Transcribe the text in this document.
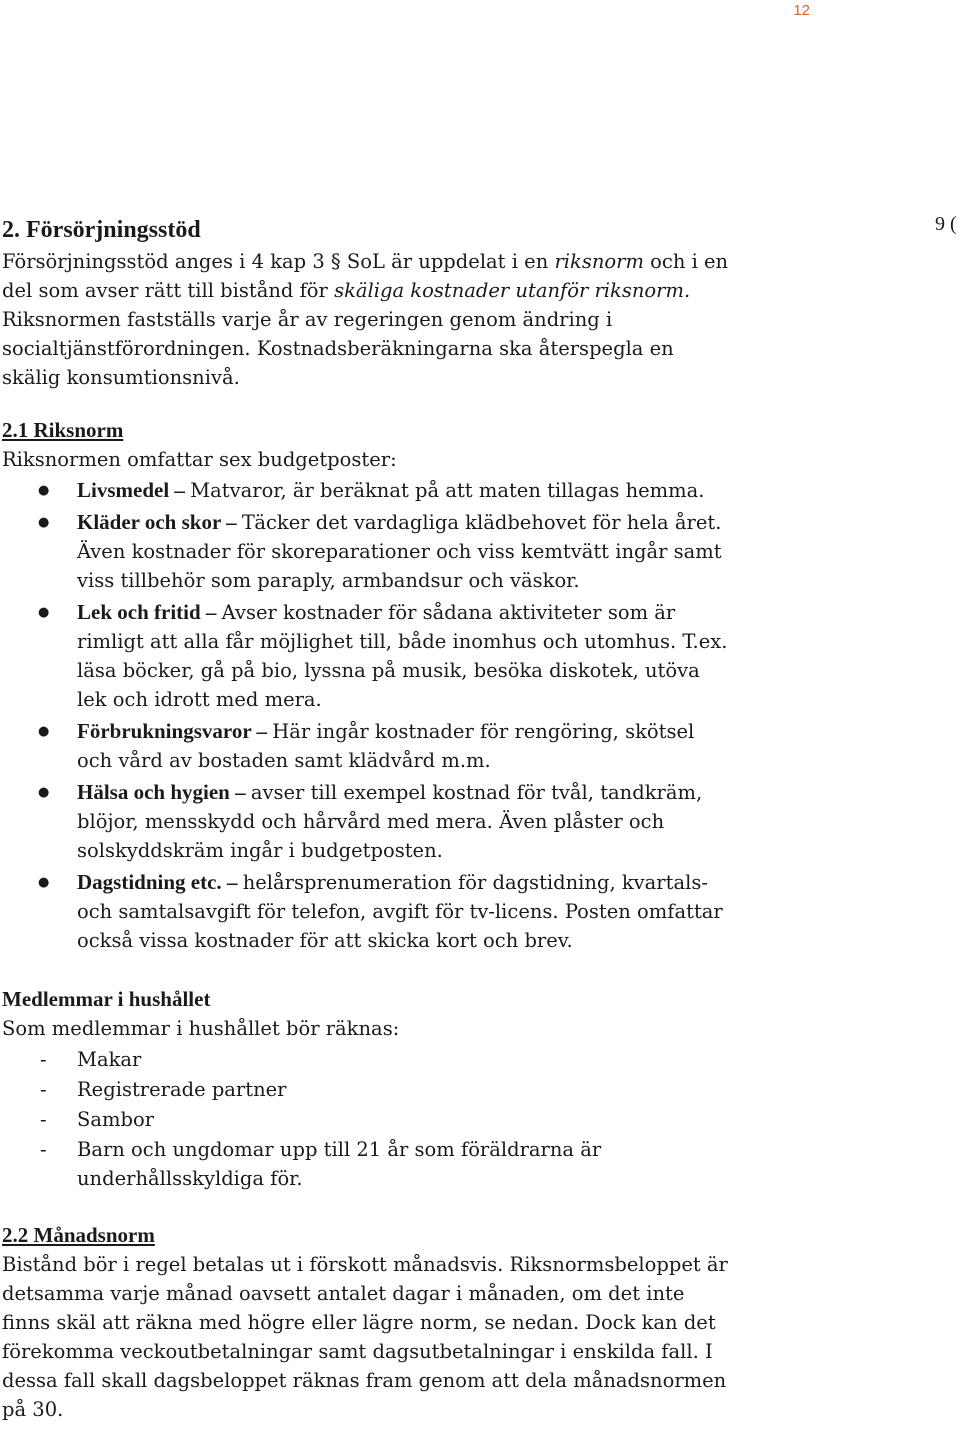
12
9 (
2. Försörjningsstöd

Försörjningsstöd anges i 4 kap 3 § SoL är uppdelat i en riksnorm och i en del som avser rätt till bistånd för skäliga kostnader utanför riksnorm. Riksnormen fastställs varje år av regeringen genom ändring i socialtjänstförordningen. Kostnadsberäkningarna ska återspegla en skälig konsumtionsnivå.

2.1 Riksnorm

Riksnormen omfattar sex budgetposter:

● Livsmedel – Matvaror, är beräknat på att maten tillagas hemma.
● Kläder och skor – Täcker det vardagliga klädbehovet för hela året. Även kostnader för skoreparationer och viss kemtvätt ingår samt viss tillbehör som paraply, armbandsur och väskor.
● Lek och fritid – Avser kostnader för sådana aktiviteter som är rimligt att alla får möjlighet till, både inomhus och utomhus. T.ex. läsa böcker, gå på bio, lyssna på musik, besöka diskotek, utöva lek och idrott med mera.
● Förbrukningsvaror – Här ingår kostnader för rengöring, skötsel och vård av bostaden samt klädvård m.m.
● Hälsa och hygien – avser till exempel kostnad för tvål, tandkräm, blöjor, mensskydd och hårvård med mera. Även plåster och solskyddskräm ingår i budgetposten.
● Dagstidning etc. – helårsprenumeration för dagstidning, kvartals- och samtalsavgift för telefon, avgift för tv-licens. Posten omfattar också vissa kostnader för att skicka kort och brev.
Medlemmar i hushållet

Som medlemmar i hushållet bör räknas:

- Makar
- Registrerade partner
- Sambor
- Barn och ungdomar upp till 21 år som föräldrarna är underhållsskyldiga för.
2.2 Månadsnorm

Bistånd bör i regel betalas ut i förskott månadsvis. Riksnormsbeloppet är detsamma varje månad oavsett antalet dagar i månaden, om det inte finns skäl att räkna med högre eller lägre norm, se nedan. Dock kan det förekomma veckoutbetalningar samt dagsutbetalningar i enskilda fall. I dessa fall skall dagsbeloppet räknas fram genom att dela månadsnormen på 30.
